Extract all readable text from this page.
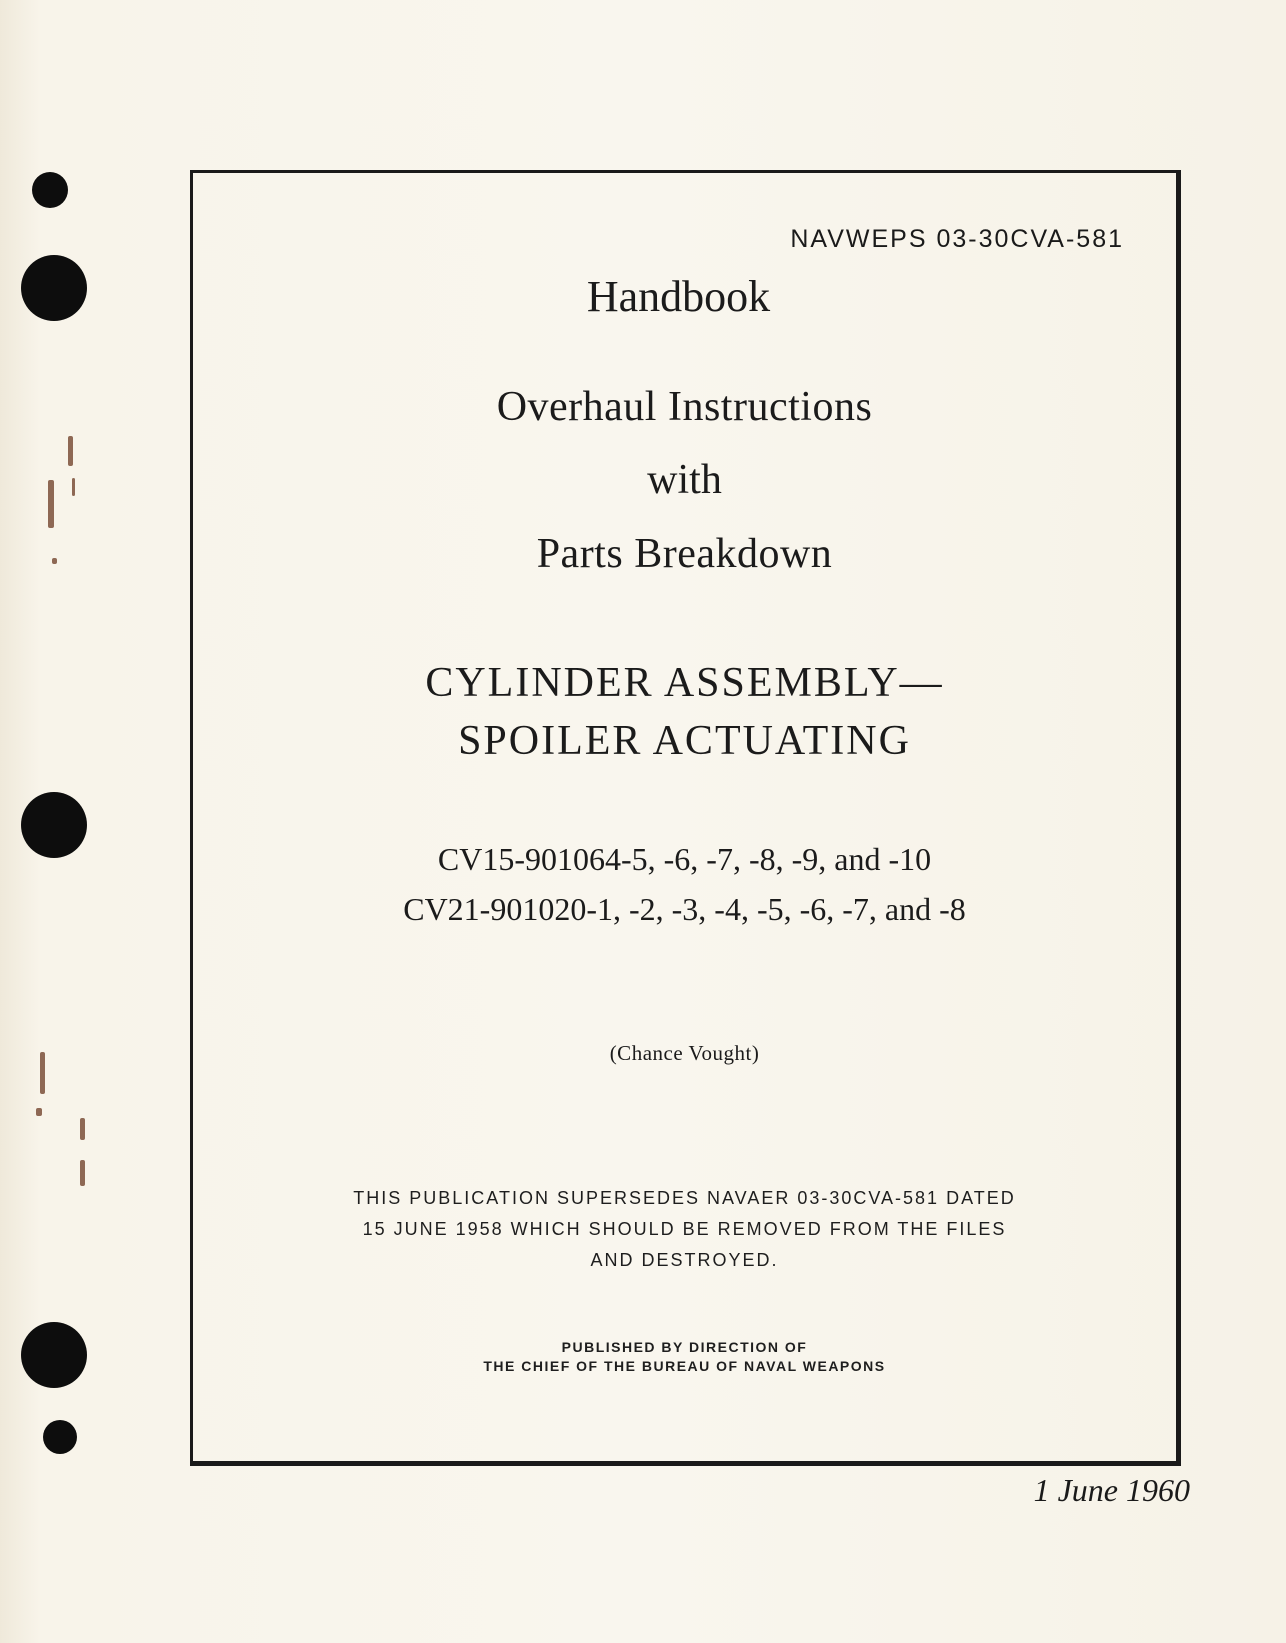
NAVWEPS 03-30CVA-581
Handbook
Overhaul Instructions
with
Parts Breakdown
CYLINDER ASSEMBLY—
SPOILER ACTUATING
CV15-901064-5, -6, -7, -8, -9, and -10
CV21-901020-1, -2, -3, -4, -5, -6, -7, and -8
(Chance Vought)
THIS PUBLICATION SUPERSEDES NAVAER 03-30CVA-581 DATED
15 JUNE 1958 WHICH SHOULD BE REMOVED FROM THE FILES
AND DESTROYED.
PUBLISHED BY DIRECTION OF
THE CHIEF OF THE BUREAU OF NAVAL WEAPONS
1 June 1960
